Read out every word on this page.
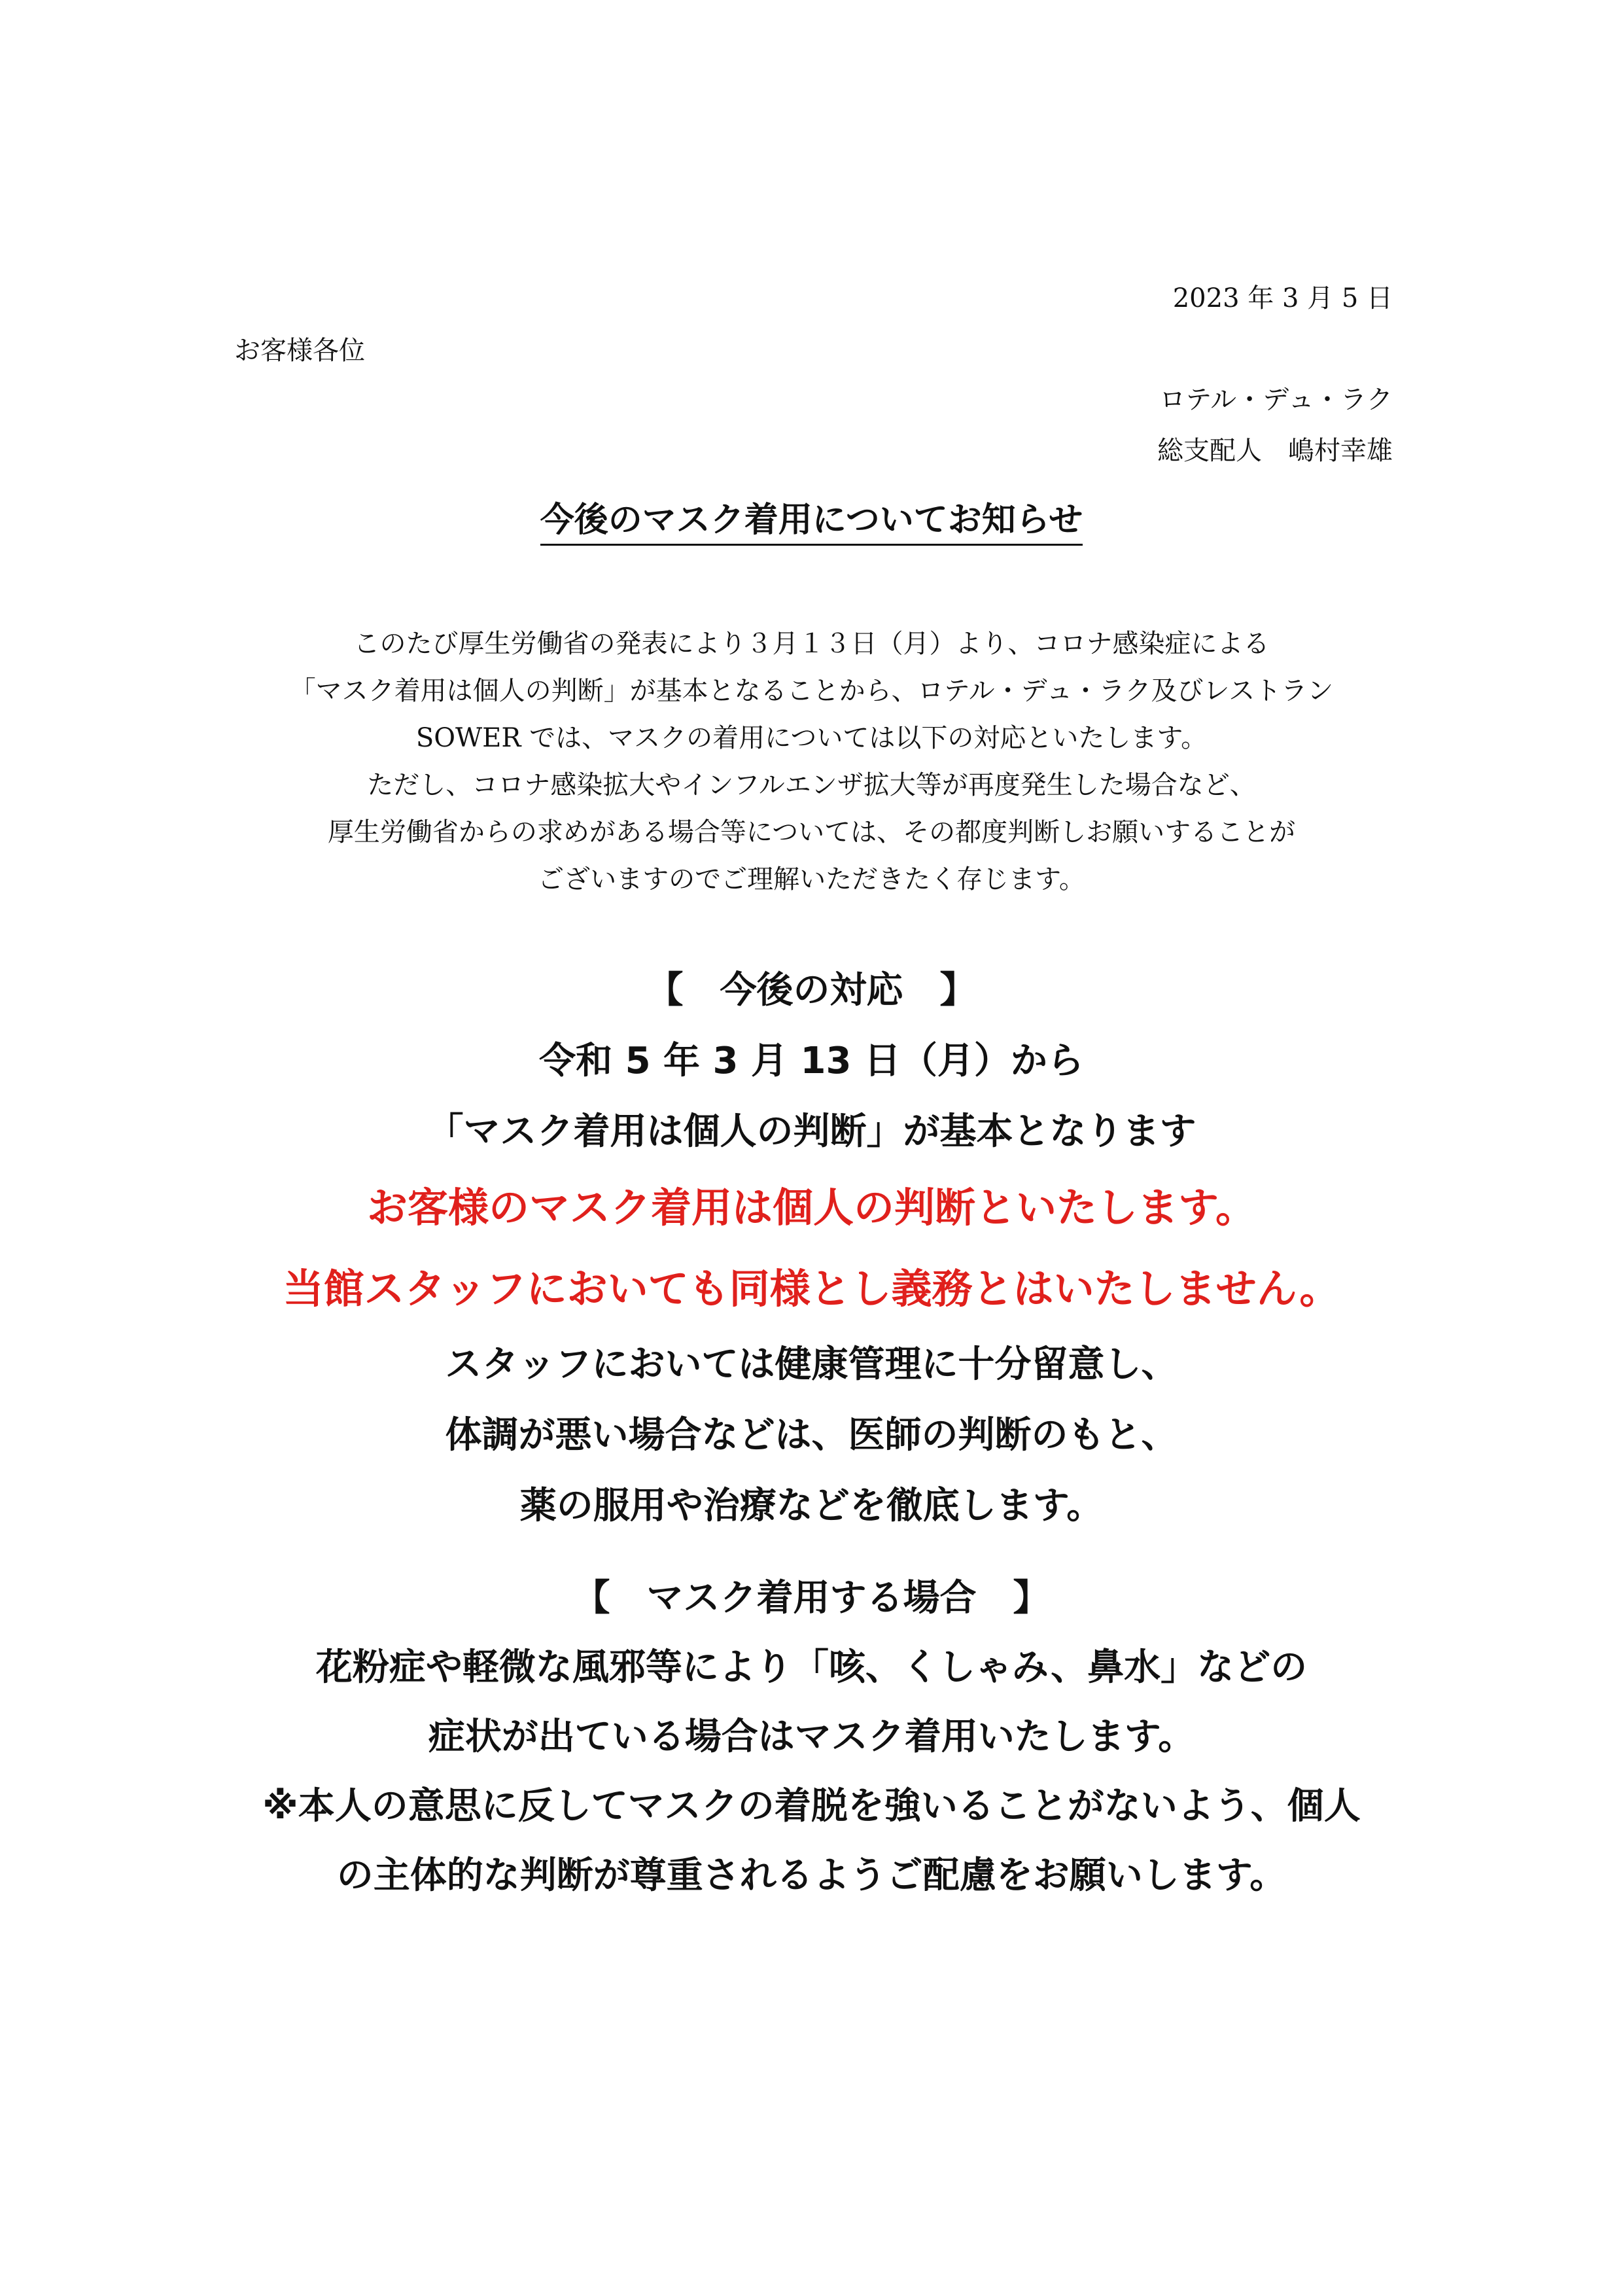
2023 年 3 月 5 日
お客様各位
ロテル・デュ・ラク
総支配人　嶋村幸雄
今後のマスク着用についてお知らせ
このたび厚生労働省の発表により３月１３日（月）より、コロナ感染症による
「マスク着用は個人の判断」が基本となることから、ロテル・デュ・ラク及びレストラン
SOWER では、マスクの着用については以下の対応といたします。
ただし、コロナ感染拡大やインフルエンザ拡大等が再度発生した場合など、
厚生労働省からの求めがある場合等については、その都度判断しお願いすることが
ございますのでご理解いただきたく存じます。
【　今後の対応　】
令和 5 年 3 月 13 日（月）から
「マスク着用は個人の判断」が基本となります
お客様のマスク着用は個人の判断といたします。
当館スタッフにおいても同様とし義務とはいたしません。
スタッフにおいては健康管理に十分留意し、
体調が悪い場合などは、医師の判断のもと、
薬の服用や治療などを徹底します。
【　マスク着用する場合　】
花粉症や軽微な風邪等により「咳、くしゃみ、鼻水」などの
症状が出ている場合はマスク着用いたします。
※本人の意思に反してマスクの着脱を強いることがないよう、個人
の主体的な判断が尊重されるようご配慮をお願いします。
